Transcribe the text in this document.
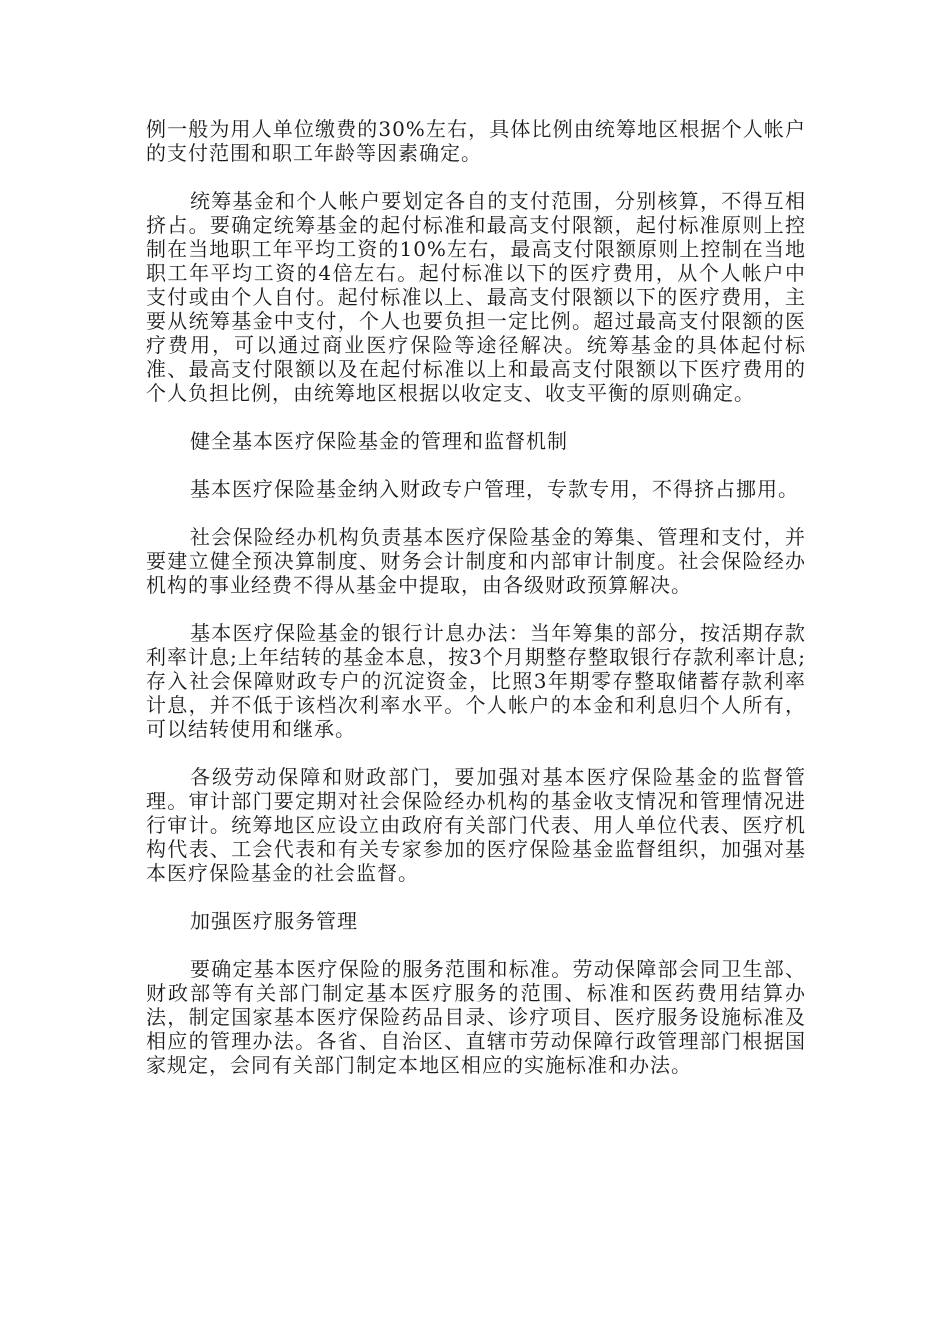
例一般为用人单位缴费的30%左右，具体比例由统筹地区根据个人帐户的支付范围和职工年龄等因素确定。

统筹基金和个人帐户要划定各自的支付范围，分别核算，不得互相挤占。要确定统筹基金的起付标准和最高支付限额，起付标准原则上控制在当地职工年平均工资的10%左右，最高支付限额原则上控制在当地职工年平均工资的4倍左右。起付标准以下的医疗费用，从个人帐户中支付或由个人自付。起付标准以上、最高支付限额以下的医疗费用，主要从统筹基金中支付，个人也要负担一定比例。超过最高支付限额的医疗费用，可以通过商业医疗保险等途径解决。统筹基金的具体起付标准、最高支付限额以及在起付标准以上和最高支付限额以下医疗费用的个人负担比例，由统筹地区根据以收定支、收支平衡的原则确定。

健全基本医疗保险基金的管理和监督机制

基本医疗保险基金纳入财政专户管理，专款专用，不得挤占挪用。

社会保险经办机构负责基本医疗保险基金的筹集、管理和支付，并要建立健全预决算制度、财务会计制度和内部审计制度。社会保险经办机构的事业经费不得从基金中提取，由各级财政预算解决。

基本医疗保险基金的银行计息办法：当年筹集的部分，按活期存款利率计息;上年结转的基金本息，按3个月期整存整取银行存款利率计息;存入社会保障财政专户的沉淀资金，比照3年期零存整取储蓄存款利率计息，并不低于该档次利率水平。个人帐户的本金和利息归个人所有，可以结转使用和继承。

各级劳动保障和财政部门，要加强对基本医疗保险基金的监督管理。审计部门要定期对社会保险经办机构的基金收支情况和管理情况进行审计。统筹地区应设立由政府有关部门代表、用人单位代表、医疗机构代表、工会代表和有关专家参加的医疗保险基金监督组织，加强对基本医疗保险基金的社会监督。

加强医疗服务管理

要确定基本医疗保险的服务范围和标准。劳动保障部会同卫生部、财政部等有关部门制定基本医疗服务的范围、标准和医药费用结算办法，制定国家基本医疗保险药品目录、诊疗项目、医疗服务设施标准及相应的管理办法。各省、自治区、直辖市劳动保障行政管理部门根据国家规定，会同有关部门制定本地区相应的实施标准和办法。
